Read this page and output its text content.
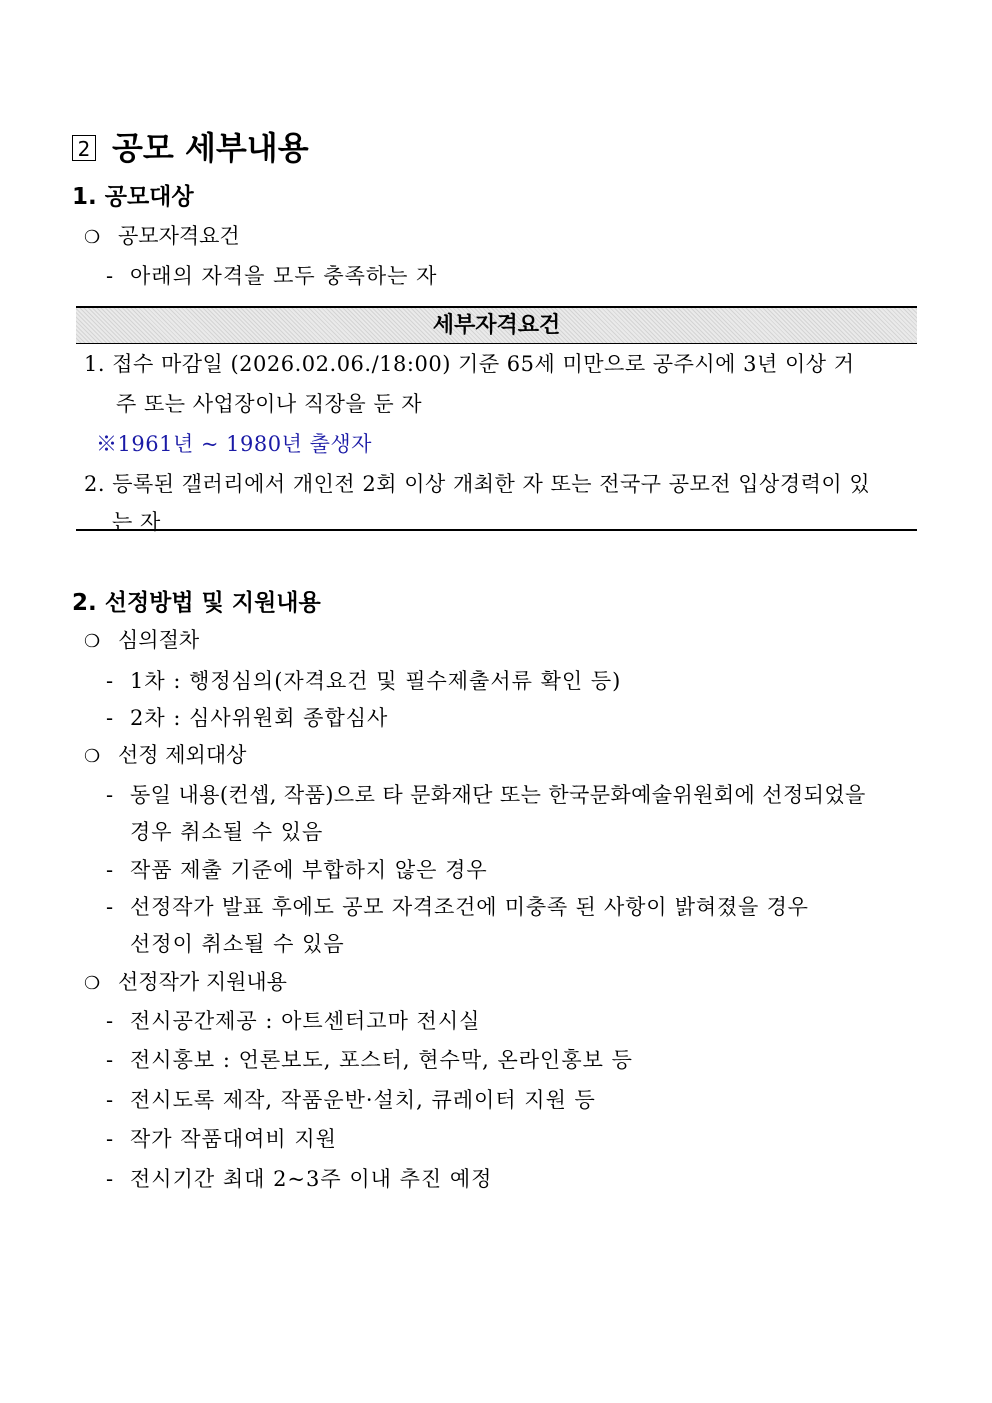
2 공모 세부내용
1. 공모대상
❍ 공모자격요건
- 아래의 자격을 모두 충족하는 자
세부자격요건
1. 접수 마감일 (2026.02.06./18:00) 기준 65세 미만으로 공주시에 3년 이상 거
주 또는 사업장이나 직장을 둔 자
※1961년 ~ 1980년 출생자
2. 등록된 갤러리에서 개인전 2회 이상 개최한 자 또는 전국구 공모전 입상경력이 있
는 자
2. 선정방법 및 지원내용
❍ 심의절차
- 1차 : 행정심의(자격요건 및 필수제출서류 확인 등)
- 2차 : 심사위원회 종합심사
❍ 선정 제외대상
- 동일 내용(컨셉, 작품)으로 타 문화재단 또는 한국문화예술위원회에 선정되었을
경우 취소될 수 있음
- 작품 제출 기준에 부합하지 않은 경우
- 선정작가 발표 후에도 공모 자격조건에 미충족 된 사항이 밝혀졌을 경우
선정이 취소될 수 있음
❍ 선정작가 지원내용
- 전시공간제공 : 아트센터고마 전시실
- 전시홍보 : 언론보도, 포스터, 현수막, 온라인홍보 등
- 전시도록 제작, 작품운반·설치, 큐레이터 지원 등
- 작가 작품대여비 지원
- 전시기간 최대 2~3주 이내 추진 예정
